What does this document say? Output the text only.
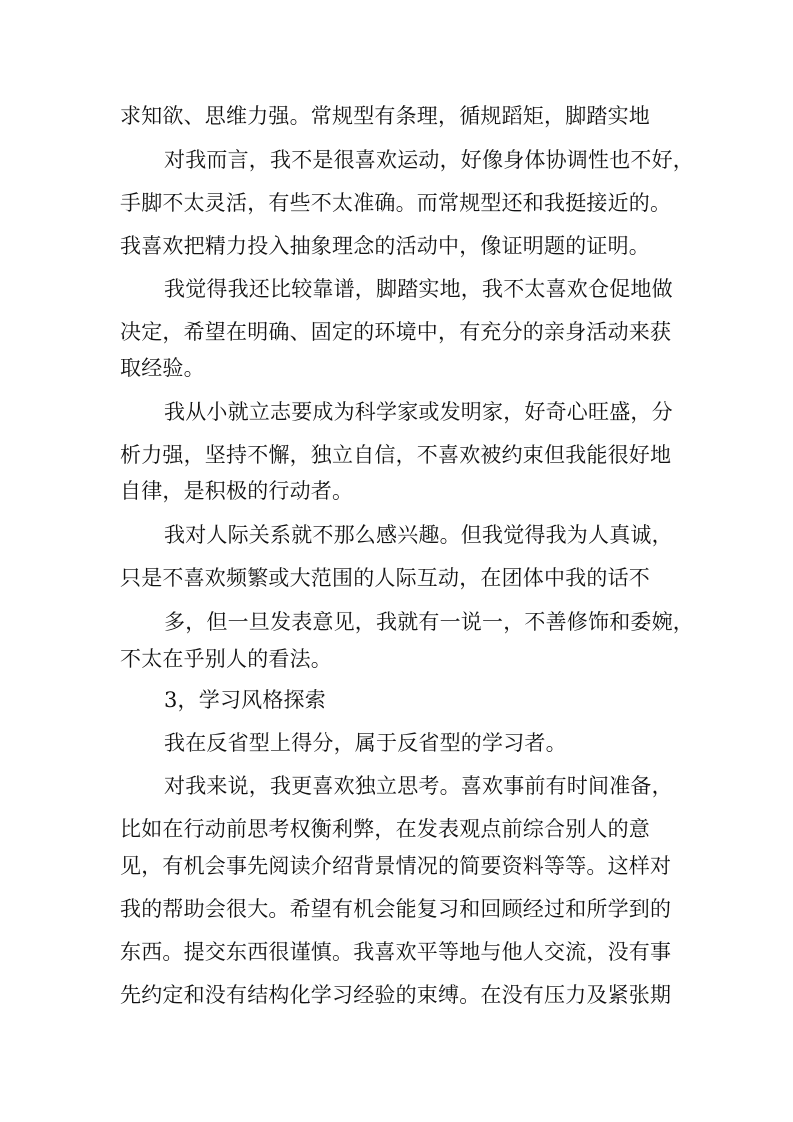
求知欲、思维力强。常规型有条理，循规蹈矩，脚踏实地
对我而言，我不是很喜欢运动，好像身体协调性也不好，
手脚不太灵活，有些不太准确。而常规型还和我挺接近的。
我喜欢把精力投入抽象理念的活动中，像证明题的证明。
我觉得我还比较靠谱，脚踏实地，我不太喜欢仓促地做
决定，希望在明确、固定的环境中，有充分的亲身活动来获
取经验。
我从小就立志要成为科学家或发明家，好奇心旺盛，分
析力强，坚持不懈，独立自信，不喜欢被约束但我能很好地
自律，是积极的行动者。
我对人际关系就不那么感兴趣。但我觉得我为人真诚，
只是不喜欢频繁或大范围的人际互动，在团体中我的话不
多，但一旦发表意见，我就有一说一，不善修饰和委婉，
不太在乎别人的看法。
3，学习风格探索
我在反省型上得分，属于反省型的学习者。
对我来说，我更喜欢独立思考。喜欢事前有时间准备，
比如在行动前思考权衡利弊，在发表观点前综合别人的意
见，有机会事先阅读介绍背景情况的简要资料等等。这样对
我的帮助会很大。希望有机会能复习和回顾经过和所学到的
东西。提交东西很谨慎。我喜欢平等地与他人交流，没有事
先约定和没有结构化学习经验的束缚。在没有压力及紧张期
